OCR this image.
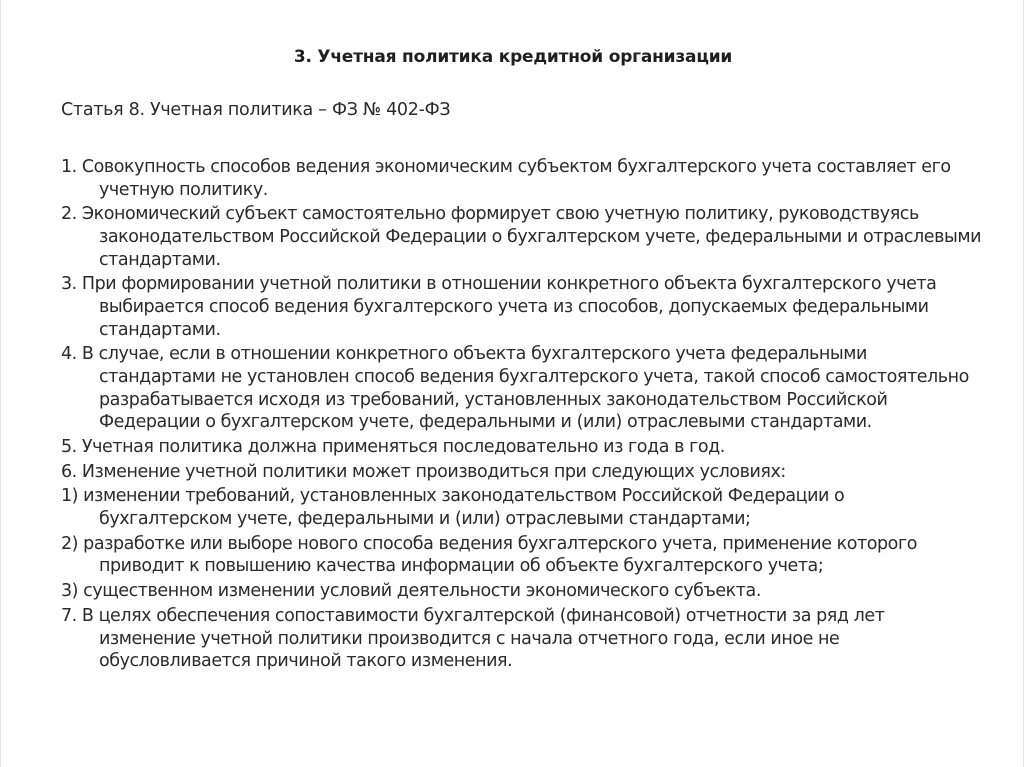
3. Учетная политика кредитной организации
Статья 8. Учетная политика – ФЗ № 402-ФЗ
1. Совокупность способов ведения экономическим субъектом бухгалтерского учета составляет его учетную политику.
2. Экономический субъект самостоятельно формирует свою учетную политику, руководствуясь законодательством Российской Федерации о бухгалтерском учете, федеральными и отраслевыми стандартами.
3. При формировании учетной политики в отношении конкретного объекта бухгалтерского учета выбирается способ ведения бухгалтерского учета из способов, допускаемых федеральными стандартами.
4. В случае, если в отношении конкретного объекта бухгалтерского учета федеральными стандартами не установлен способ ведения бухгалтерского учета, такой способ самостоятельно разрабатывается исходя из требований, установленных законодательством Российской Федерации о бухгалтерском учете, федеральными и (или) отраслевыми стандартами.
5. Учетная политика должна применяться последовательно из года в год.
6. Изменение учетной политики может производиться при следующих условиях:
1) изменении требований, установленных законодательством Российской Федерации о бухгалтерском учете, федеральными и (или) отраслевыми стандартами;
2) разработке или выборе нового способа ведения бухгалтерского учета, применение которого приводит к повышению качества информации об объекте бухгалтерского учета;
3) существенном изменении условий деятельности экономического субъекта.
7. В целях обеспечения сопоставимости бухгалтерской (финансовой) отчетности за ряд лет изменение учетной политики производится с начала отчетного года, если иное не обусловливается причиной такого изменения.
